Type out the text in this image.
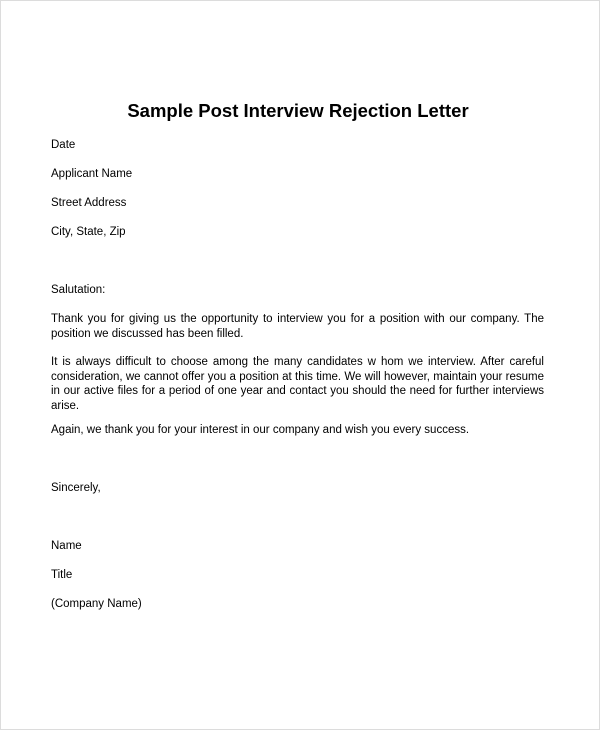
Sample Post Interview Rejection Letter
Date
Applicant Name
Street Address
City, State, Zip
Salutation:
Thank you for giving us the opportunity to interview you for a position with our company. The position we discussed has been filled.
It is always difficult to choose among the many candidates w hom we interview. After careful consideration, we cannot offer you a position at this time. We will however, maintain your resume in our active files for a period of one year and contact you should the need for further interviews arise.
Again, we thank you for your interest in our company and wish you every success.
Sincerely,
Name
Title
(Company Name)
